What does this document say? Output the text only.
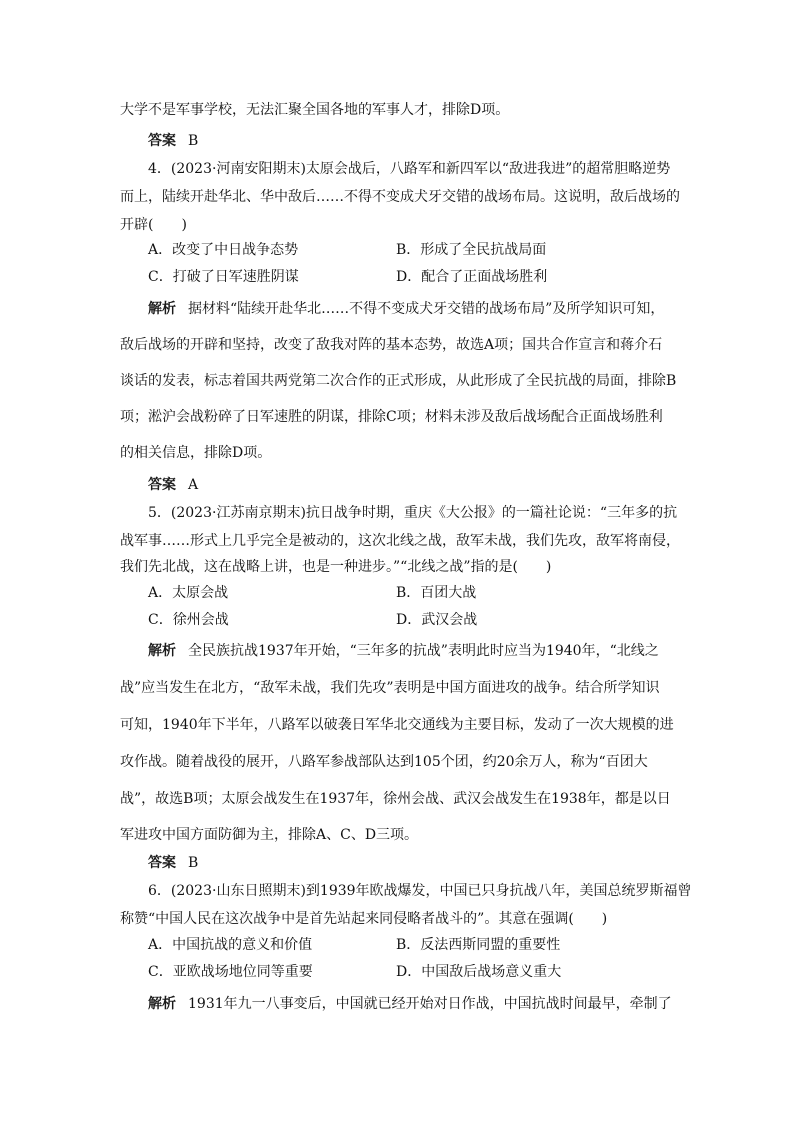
大学不是军事学校，无法汇聚全国各地的军事人才，排除D项。
答案 B
4．(2023·河南安阳期末)太原会战后，八路军和新四军以“敌进我进”的超常胆略逆势
而上，陆续开赴华北、华中敌后……不得不变成犬牙交错的战场布局。这说明，敌后战场的
开辟(　　)
A．改变了中日战争态势	B．形成了全民抗战局面
C．打破了日军速胜阴谋	D．配合了正面战场胜利
解析 据材料“陆续开赴华北……不得不变成犬牙交错的战场布局”及所学知识可知，
敌后战场的开辟和坚持，改变了敌我对阵的基本态势，故选A项；国共合作宣言和蒋介石
谈话的发表，标志着国共两党第二次合作的正式形成，从此形成了全民抗战的局面，排除B
项；淞沪会战粉碎了日军速胜的阴谋，排除C项；材料未涉及敌后战场配合正面战场胜利
的相关信息，排除D项。
答案 A
5．(2023·江苏南京期末)抗日战争时期，重庆《大公报》的一篇社论说：“三年多的抗
战军事……形式上几乎完全是被动的，这次北线之战，敌军未战，我们先攻，敌军将南侵，
我们先北战，这在战略上讲，也是一种进步。”“北线之战”指的是(　　)
A．太原会战	B．百团大战
C．徐州会战	D．武汉会战
解析 全民族抗战1937年开始，“三年多的抗战”表明此时应当为1940年，“北线之
战”应当发生在北方，“敌军未战，我们先攻”表明是中国方面进攻的战争。结合所学知识
可知，1940年下半年，八路军以破袭日军华北交通线为主要目标，发动了一次大规模的进
攻作战。随着战役的展开，八路军参战部队达到105个团，约20余万人，称为“百团大
战”，故选B项；太原会战发生在1937年，徐州会战、武汉会战发生在1938年，都是以日
军进攻中国方面防御为主，排除A、C、D三项。
答案 B
6．(2023·山东日照期末)到1939年欧战爆发，中国已只身抗战八年，美国总统罗斯福曾
称赞“中国人民在这次战争中是首先站起来同侵略者战斗的”。其意在强调(　　)
A．中国抗战的意义和价值	B．反法西斯同盟的重要性
C．亚欧战场地位同等重要	D．中国敌后战场意义重大
解析 1931年九一八事变后，中国就已经开始对日作战，中国抗战时间最早，牵制了
